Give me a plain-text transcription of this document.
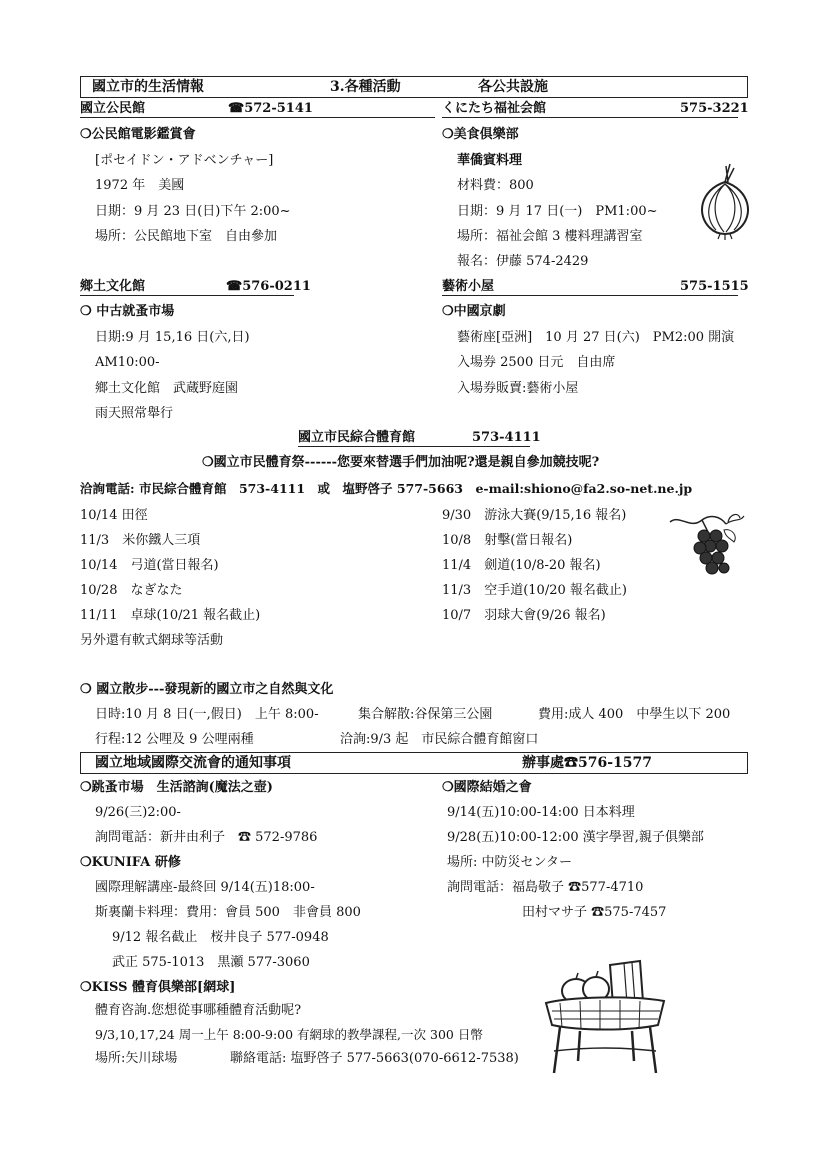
國立市的生活情報	3.各種活動	各公共設施
國立公民館	☎572-5141
❍公民館電影鑑賞會
[ポセイドン・アドベンチャー]
1972 年　美國
日期：9 月 23 日(日)下午 2:00~
場所：公民館地下室　自由參加
くにたち福祉会館	575-3221
❍美食俱樂部
華僑賓料理
材料費：800
日期：9 月 17 日(一)　PM1:00~
場所：福祉会館 3 樓料理講習室
報名：伊藤 574-2429
鄉土文化館	☎576-0211
❍ 中古就蚤市場
日期:9 月 15,16 日(六,日)
AM10:00-
鄉土文化館　武蔵野庭園
雨天照常舉行
藝術小屋	575-1515
❍中國京劇
藝術座[亞洲]　10 月 27 日(六)　PM2:00 開演
入場券 2500 日元　自由席
入場券販賣:藝術小屋
國立市民綜合體育館	573-4111
❍國立市民體育祭------您要來替選手們加油呢?還是親自參加競技呢?
洽詢電話: 市民綜合體育館　573-4111　或　塩野啓子 577-5663　e-mail:shiono@fa2.so-net.ne.jp
10/14 田徑
11/3　 米你鐵人三項
10/14　 弓道(當日報名)
10/28　 なぎなた
11/11　 卓球(10/21 報名截止)
9/30　 游泳大賽(9/15,16 報名)
10/8　 射擊(當日報名)
11/4　 劍道(10/8-20 報名)
11/3　 空手道(10/20 報名截止)
10/7　 羽球大會(9/26 報名)
另外還有軟式網球等活動
❍ 國立散步---發現新的國立市之自然與文化
日時:10 月 8 日(一,假日)　上午 8:00-	集合解散:谷保第三公園	費用:成人 400　中學生以下 200
行程:12 公哩及 9 公哩兩種	洽詢:9/3 起　市民綜合體育館窗口
國立地域國際交流會的通知事項	辦事處☎576-1577
❍跳蚤市場　生活諮詢(魔法之壺)
9/26(三)2:00-
詢問電話：新井由利子　☎ 572-9786
❍KUNIFA 研修
國際理解講座-最終回 9/14(五)18:00-
斯裏蘭卡料理：費用：會員 500　非會員 800
9/12 報名截止　桜井良子 577-0948
武正 575-1013　黒瀬 577-3060
❍KISS 體育俱樂部[網球]
體育咨詢.您想從事哪種體育活動呢?
9/3,10,17,24 周一上午 8:00-9:00 有網球的教學課程,一次 300 日幣
場所:矢川球場	聯絡電話: 塩野啓子 577-5663(070-6612-7538)
❍國際結婚之會
9/14(五)10:00-14:00 日本料理
9/28(五)10:00-12:00 漢字學習,親子俱樂部
場所: 中防災センター
詢問電話：福島敬子 ☎577-4710
田村マサ子 ☎575-7457
